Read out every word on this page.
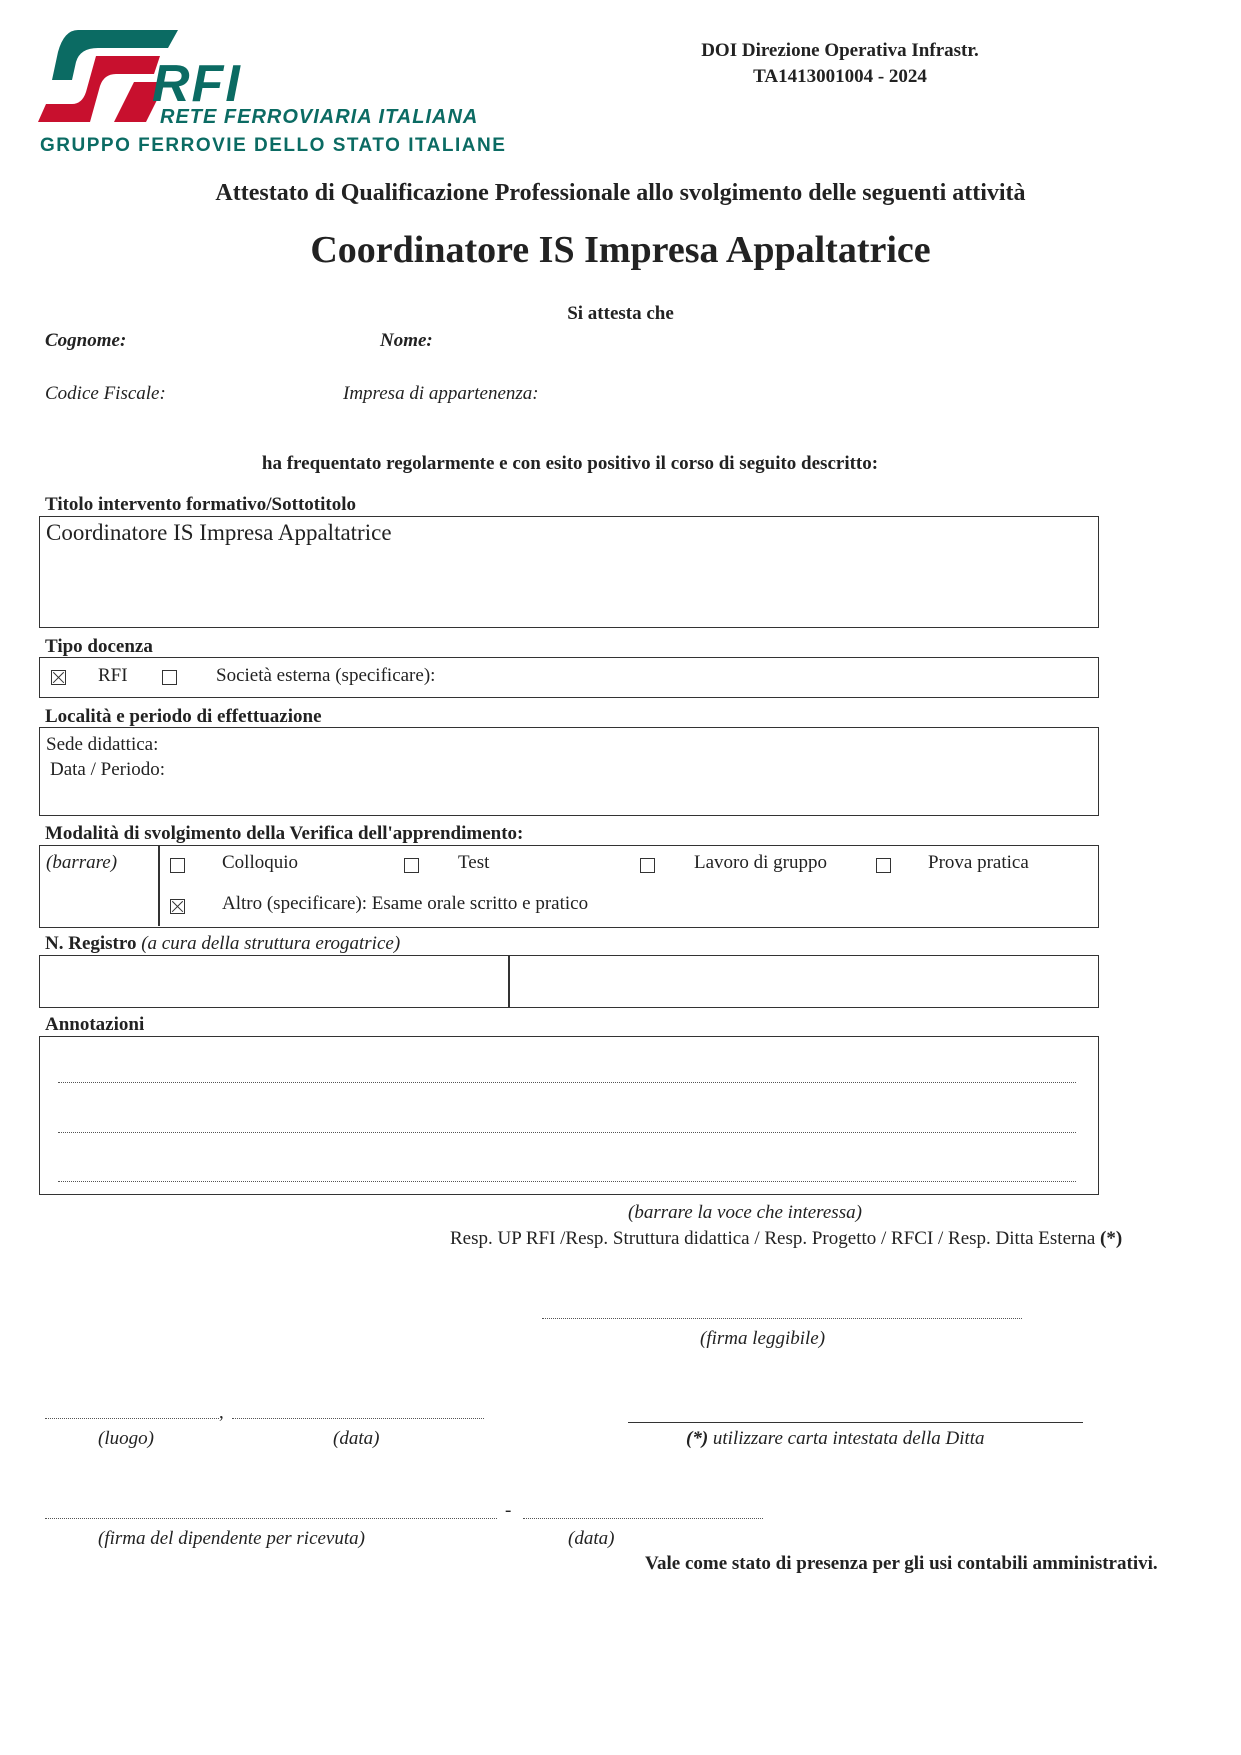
RFI
RETE FERROVIARIA ITALIANA
GRUPPO FERROVIE DELLO STATO ITALIANE
DOI Direzione Operativa Infrastr.
TA1413001004 - 2024
Attestato di Qualificazione Professionale allo svolgimento delle seguenti attività
Coordinatore IS Impresa Appaltatrice
Si attesta che
Cognome:	Nome:
Codice Fiscale:	Impresa di appartenenza:
ha frequentato regolarmente e con esito positivo il corso di seguito descritto:
Titolo intervento formativo/Sottotitolo
Coordinatore IS Impresa Appaltatrice
Tipo docenza
RFI	Società esterna (specificare):
Località e periodo di effettuazione
Sede didattica:
Data / Periodo:
Modalità di svolgimento della Verifica dell'apprendimento:
(barrare)	Colloquio	Test	Lavoro di gruppo	Prova pratica
Altro (specificare): Esame orale scritto e pratico
N. Registro (a cura della struttura erogatrice)
Annotazioni
(barrare la voce che interessa)
Resp. UP RFI /Resp. Struttura didattica / Resp. Progetto / RFCI / Resp. Ditta Esterna (*)
(firma leggibile)
,
(luogo)	(data)	(*) utilizzare carta intestata della Ditta
-
(firma del dipendente per ricevuta)	(data)
Vale come stato di presenza per gli usi contabili amministrativi.
